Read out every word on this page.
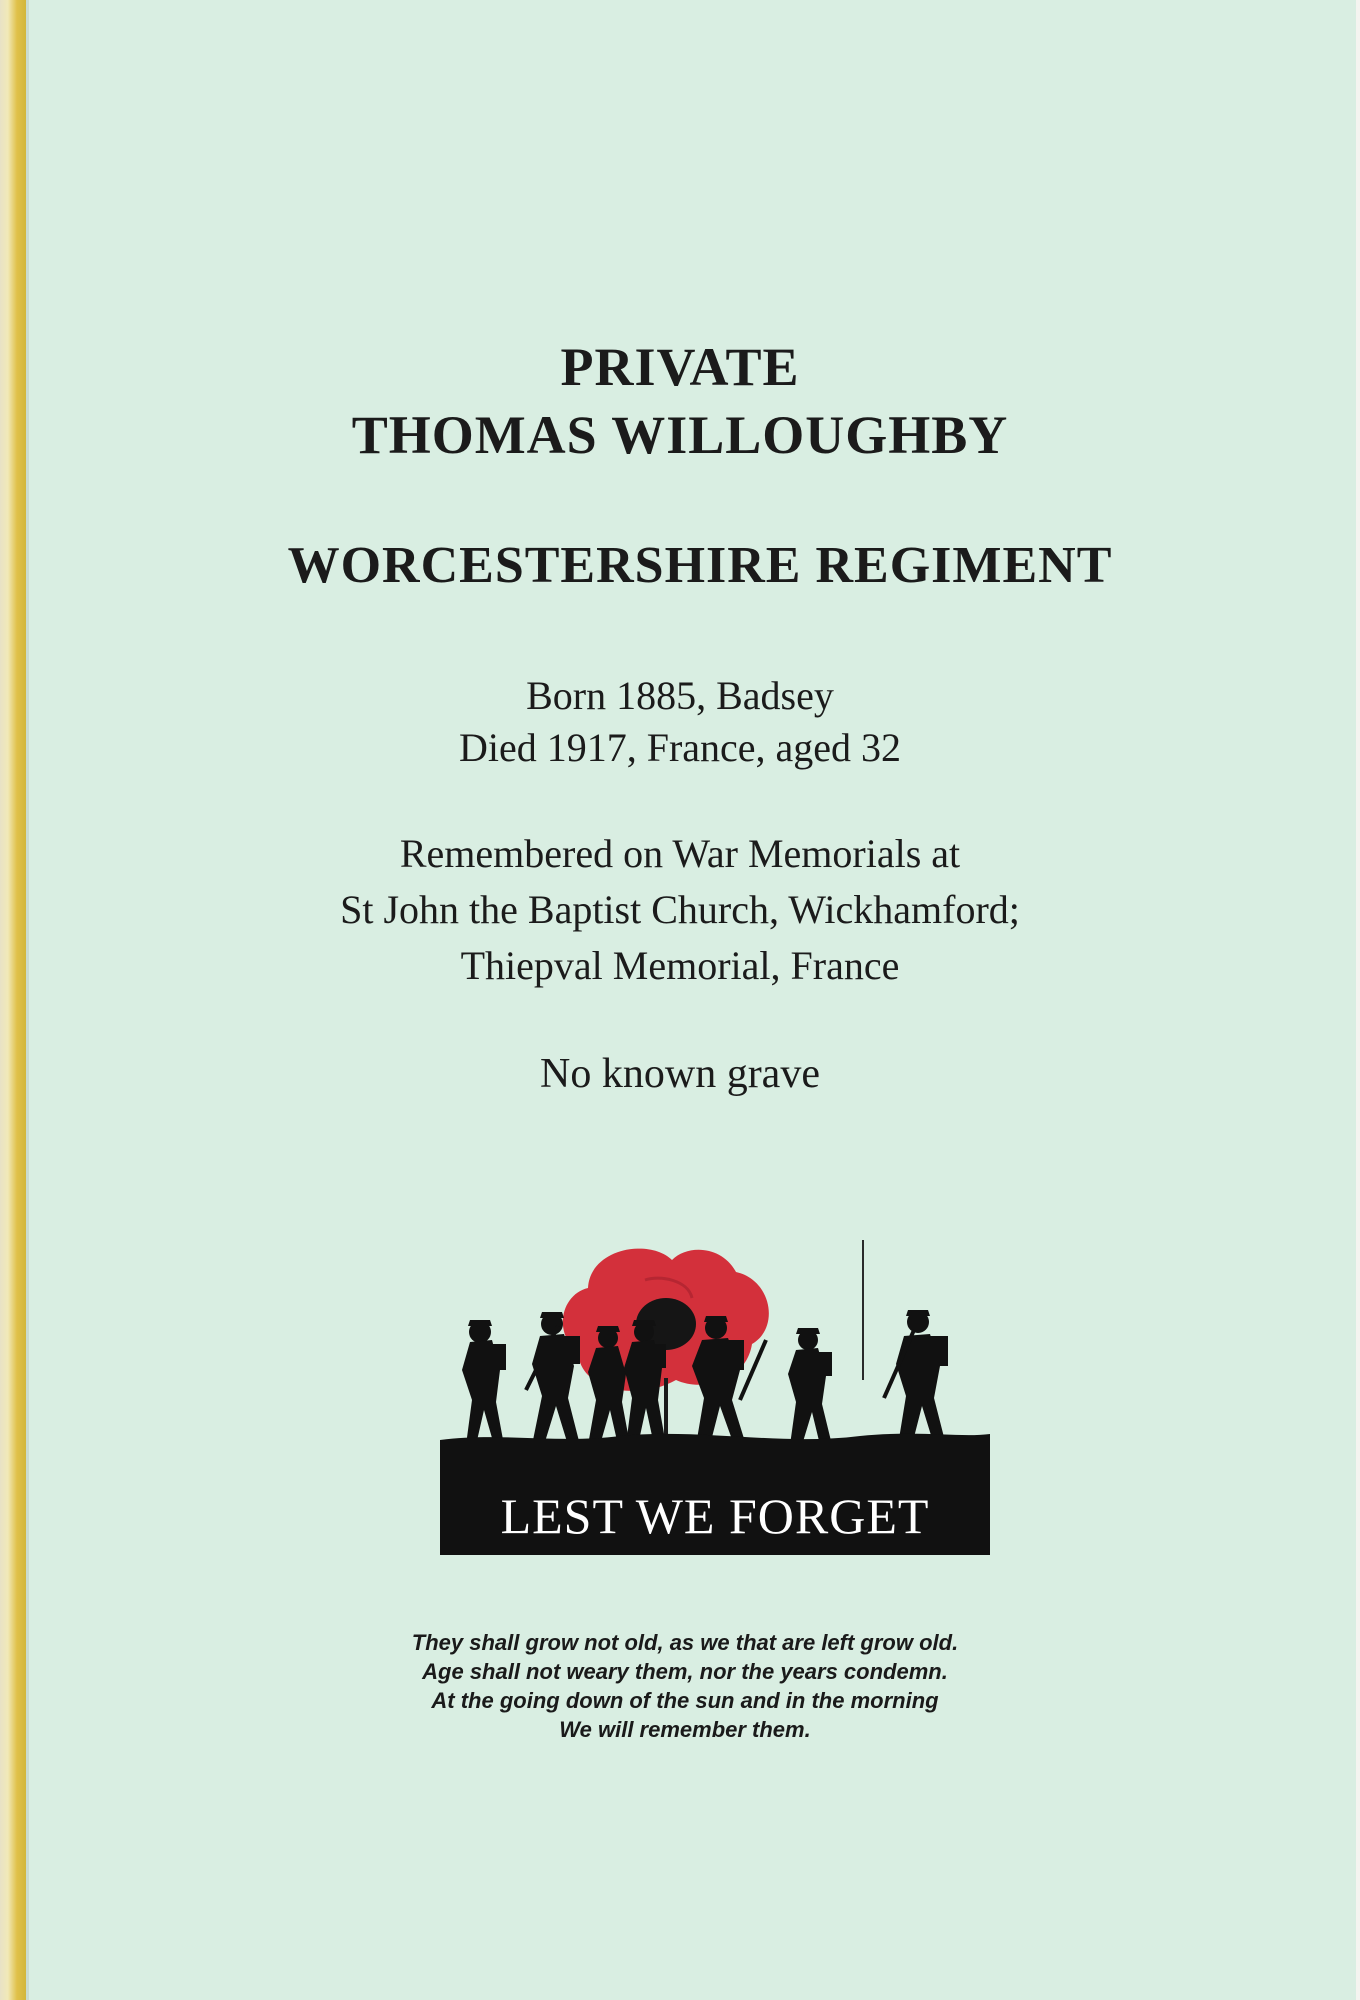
PRIVATE
THOMAS WILLOUGHBY
WORCESTERSHIRE REGIMENT
Born 1885, Badsey
Died 1917, France, aged 32
Remembered on War Memorials at
St John the Baptist Church, Wickhamford;
Thiepval Memorial, France
No known grave
LEST WE FORGET
They shall grow not old, as we that are left grow old.
Age shall not weary them, nor the years condemn.
At the going down of the sun and in the morning
We will remember them.
